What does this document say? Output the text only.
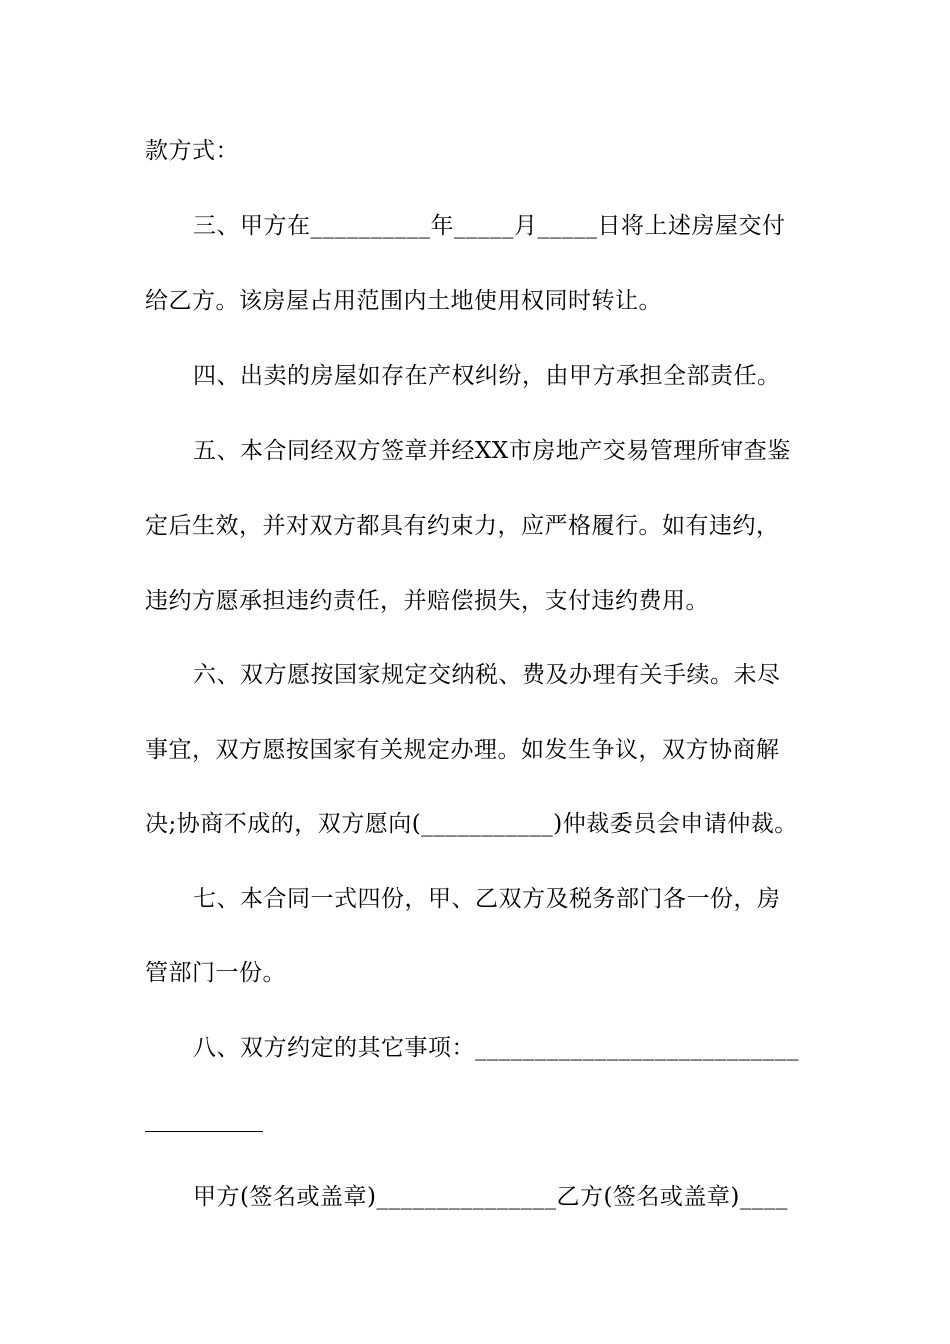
款方式：
三、甲方在__________年_____月_____日将上述房屋交付
给乙方。该房屋占用范围内土地使用权同时转让。
四、出卖的房屋如存在产权纠纷，由甲方承担全部责任。
五、本合同经双方签章并经XX市房地产交易管理所审查鉴
定后生效，并对双方都具有约束力，应严格履行。如有违约，
违约方愿承担违约责任，并赔偿损失，支付违约费用。
六、双方愿按国家规定交纳税、费及办理有关手续。未尽
事宜，双方愿按国家有关规定办理。如发生争议，双方协商解
决;协商不成的，双方愿向(___________)仲裁委员会申请仲裁。
七、本合同一式四份，甲、乙双方及税务部门各一份，房
管部门一份。
八、双方约定的其它事项：___________________________
甲方(签名或盖章)_______________乙方(签名或盖章)____
